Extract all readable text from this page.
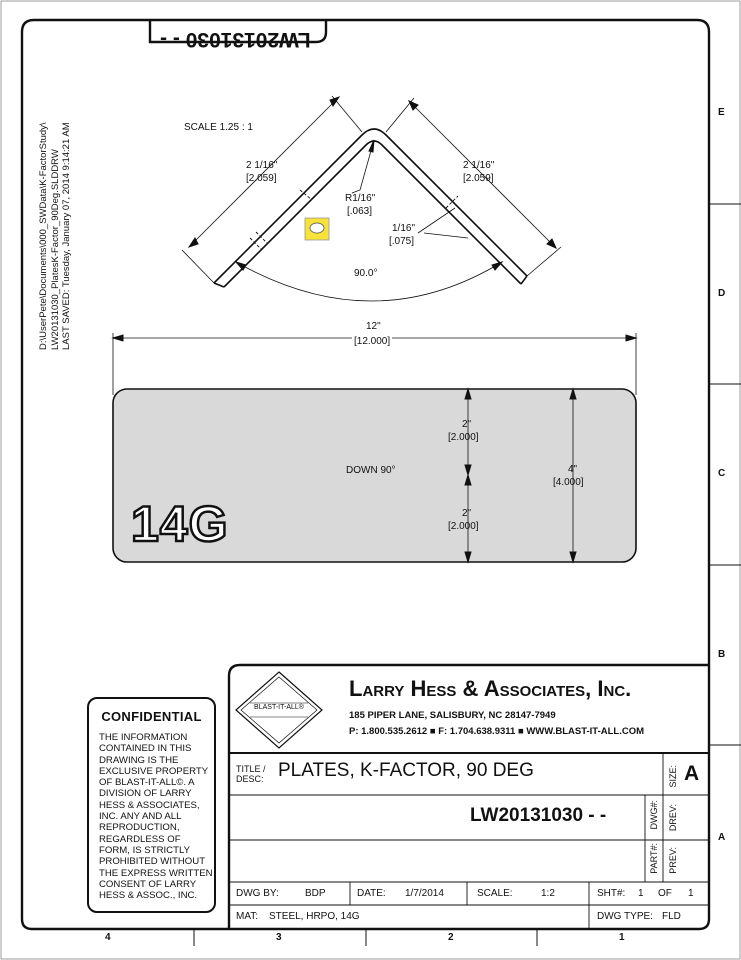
LW20131030 - -
D:\UserPete\Documents\000_SWData\K-FactorStudy\ LW20131030_PlatesK-Factor_90Deg.SLDDRW LAST SAVED: Tuesday, January 07, 2014 9:14:21 AM
E
D
C
B
A
4	3	2	1
SCALE 1.25 : 1
2 1/16"
[2.059]
2 1/16"
[2.059]
R1/16"
[.063]
1/16"
[.075]
90.0°
12"
[12.000]
2"
[2.000]
2"
[2.000]
4"
[4.000]
DOWN 90°
14G
CONFIDENTIAL
THE INFORMATION CONTAINED IN THIS DRAWING IS THE EXCLUSIVE PROPERTY OF BLAST-IT-ALL©. A DIVISION OF LARRY HESS & ASSOCIATES, INC. ANY AND ALL REPRODUCTION, REGARDLESS OF FORM, IS STRICTLY PROHIBITED WITHOUT THE EXPRESS WRITTEN CONSENT OF LARRY HESS & ASSOC., INC.
BLAST-IT-ALL®
Larry Hess & Associates, Inc.
185 PIPER LANE, SALISBURY, NC 28147-7949
P: 1.800.535.2612 ■ F: 1.704.638.9311 ■ WWW.BLAST-IT-ALL.COM
TITLE /
DESC: PLATES, K-FACTOR, 90 DEG	SIZE: A
LW20131030 - -	DWG#: DREV:
PART#: PREV:
DWG BY:	BDP	DATE: 1/7/2014	SCALE:	1:2	SHT#: 1 OF 1
MAT: STEEL, HRPO, 14G	DWG TYPE: FLD
